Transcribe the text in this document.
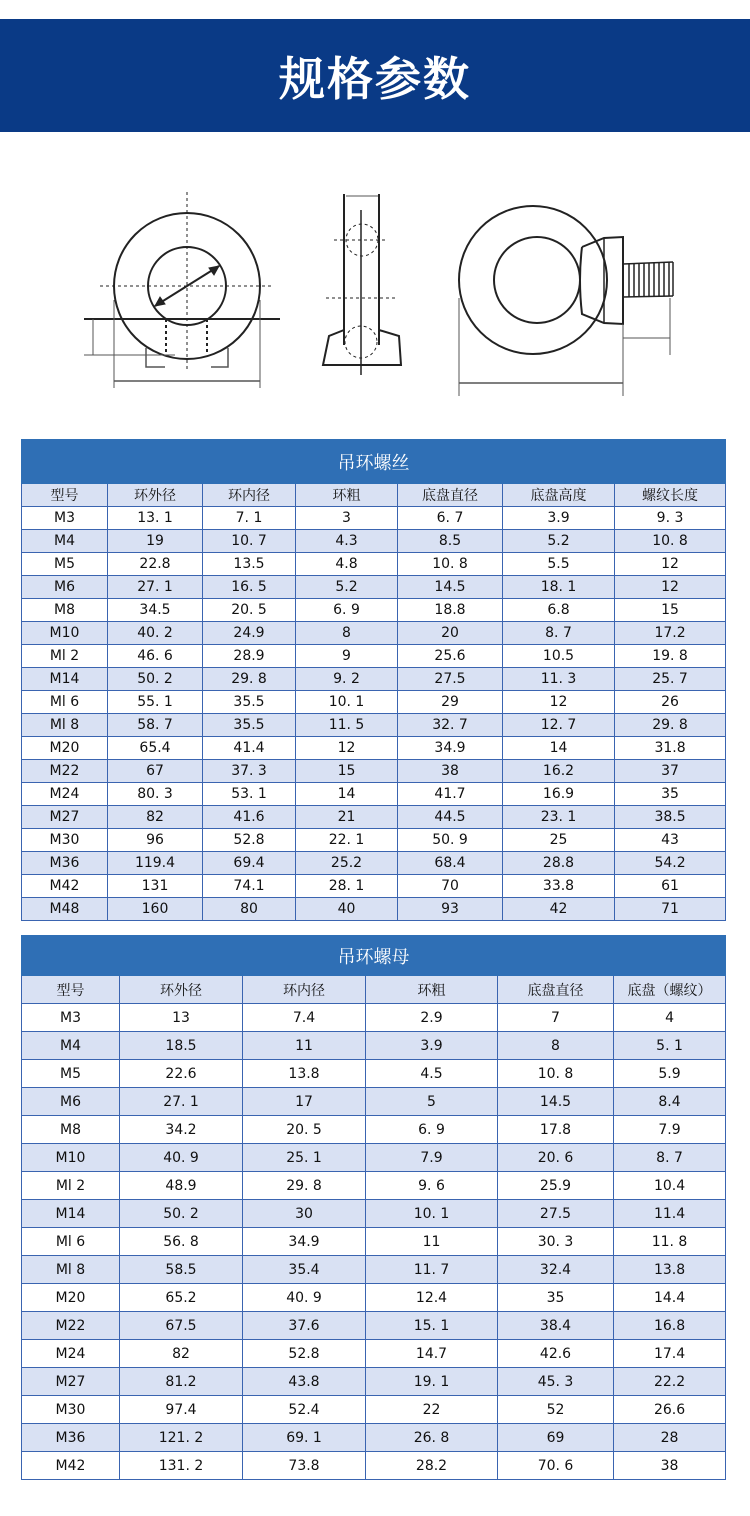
规格参数
吊环螺丝						
型号	环外径	环内径	环粗	底盘直径	底盘高度	螺纹长度
M3	13. 1	7. 1	3	6. 7	3.9	9. 3
M4	19	10. 7	4.3	8.5	5.2	10. 8
M5	22.8	13.5	4.8	10. 8	5.5	12
M6	27. 1	16. 5	5.2	14.5	18. 1	12
M8	34.5	20. 5	6. 9	18.8	6.8	15
M10	40. 2	24.9	8	20	8. 7	17.2
Ml 2	46. 6	28.9	9	25.6	10.5	19. 8
M14	50. 2	29. 8	9. 2	27.5	11. 3	25. 7
Ml 6	55. 1	35.5	10. 1	29	12	26
Ml 8	58. 7	35.5	11. 5	32. 7	12. 7	29. 8
M20	65.4	41.4	12	34.9	14	31.8
M22	67	37. 3	15	38	16.2	37
M24	80. 3	53. 1	14	41.7	16.9	35
M27	82	41.6	21	44.5	23. 1	38.5
M30	96	52.8	22. 1	50. 9	25	43
M36	119.4	69.4	25.2	68.4	28.8	54.2
M42	131	74.1	28. 1	70	33.8	61
M48	160	80	40	93	42	71
吊环螺母					
型号	环外径	环内径	环粗	底盘直径	底盘（螺纹）
M3	13	7.4	2.9	7	4
M4	18.5	11	3.9	8	5. 1
M5	22.6	13.8	4.5	10. 8	5.9
M6	27. 1	17	5	14.5	8.4
M8	34.2	20. 5	6. 9	17.8	7.9
M10	40. 9	25. 1	7.9	20. 6	8. 7
Ml 2	48.9	29. 8	9. 6	25.9	10.4
M14	50. 2	30	10. 1	27.5	11.4
Ml 6	56. 8	34.9	11	30. 3	11. 8
Ml 8	58.5	35.4	11. 7	32.4	13.8
M20	65.2	40. 9	12.4	35	14.4
M22	67.5	37.6	15. 1	38.4	16.8
M24	82	52.8	14.7	42.6	17.4
M27	81.2	43.8	19. 1	45. 3	22.2
M30	97.4	52.4	22	52	26.6
M36	121. 2	69. 1	26. 8	69	28
M42	131. 2	73.8	28.2	70. 6	38
